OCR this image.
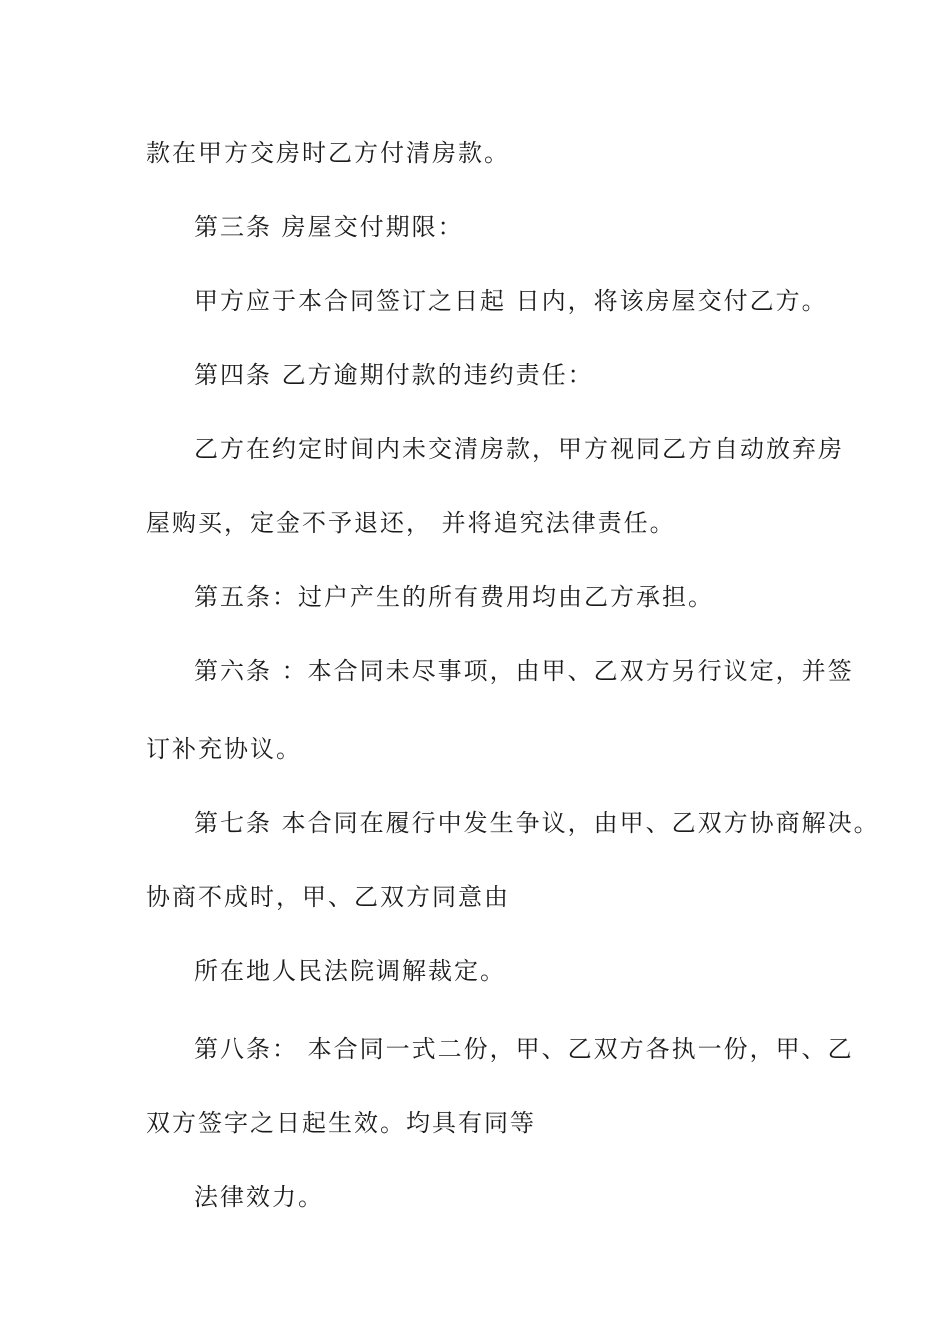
款在甲方交房时乙方付清房款。
第三条 房屋交付期限：
甲方应于本合同签订之日起 日内，将该房屋交付乙方。
第四条 乙方逾期付款的违约责任：
乙方在约定时间内未交清房款，甲方视同乙方自动放弃房
屋购买，定金不予退还， 并将追究法律责任。
第五条：过户产生的所有费用均由乙方承担。
第六条 ：本合同未尽事项，由甲、乙双方另行议定，并签
订补充协议。
第七条 本合同在履行中发生争议，由甲、乙双方协商解决。
协商不成时，甲、乙双方同意由
所在地人民法院调解裁定。
第八条： 本合同一式二份，甲、乙双方各执一份，甲、乙
双方签字之日起生效。均具有同等
法律效力。
